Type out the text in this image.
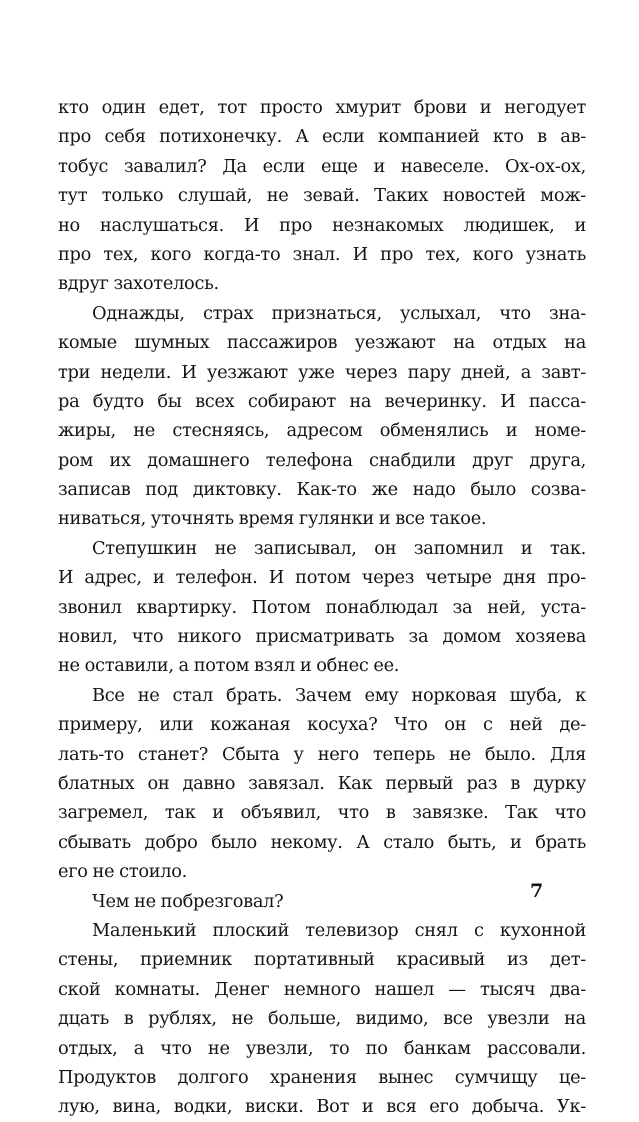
кто один едет, тот просто хмурит брови и негодует
про себя потихонечку. А если компанией кто в ав-
тобус завалил? Да если еще и навеселе. Ох-ох-ох,
тут только слушай, не зевай. Таких новостей мож-
но наслушаться. И про незнакомых людишек, и
про тех, кого когда-то знал. И про тех, кого узнать
вдруг захотелось.
Однажды, страх признаться, услыхал, что зна-
комые шумных пассажиров уезжают на отдых на
три недели. И уезжают уже через пару дней, а завт-
ра будто бы всех собирают на вечеринку. И пасса-
жиры, не стесняясь, адресом обменялись и номе-
ром их домашнего телефона снабдили друг друга,
записав под диктовку. Как-то же надо было созва-
ниваться, уточнять время гулянки и все такое.
Степушкин не записывал, он запомнил и так.
И адрес, и телефон. И потом через четыре дня про-
звонил квартирку. Потом понаблюдал за ней, уста-
новил, что никого присматривать за домом хозяева
не оставили, а потом взял и обнес ее.
Все не стал брать. Зачем ему норковая шуба, к
примеру, или кожаная косуха? Что он с ней де-
лать-то станет? Сбыта у него теперь не было. Для
блатных он давно завязал. Как первый раз в дурку
загремел, так и объявил, что в завязке. Так что
сбывать добро было некому. А стало быть, и брать
его не стоило.
Чем не побрезговал?
Маленький плоский телевизор снял с кухонной
стены, приемник портативный красивый из дет-
ской комнаты. Денег немного нашел — тысяч два-
дцать в рублях, не больше, видимо, все увезли на
отдых, а что не увезли, то по банкам рассовали.
Продуктов долгого хранения вынес сумчищу це-
лую, вина, водки, виски. Вот и вся его добыча. Ук-
7
